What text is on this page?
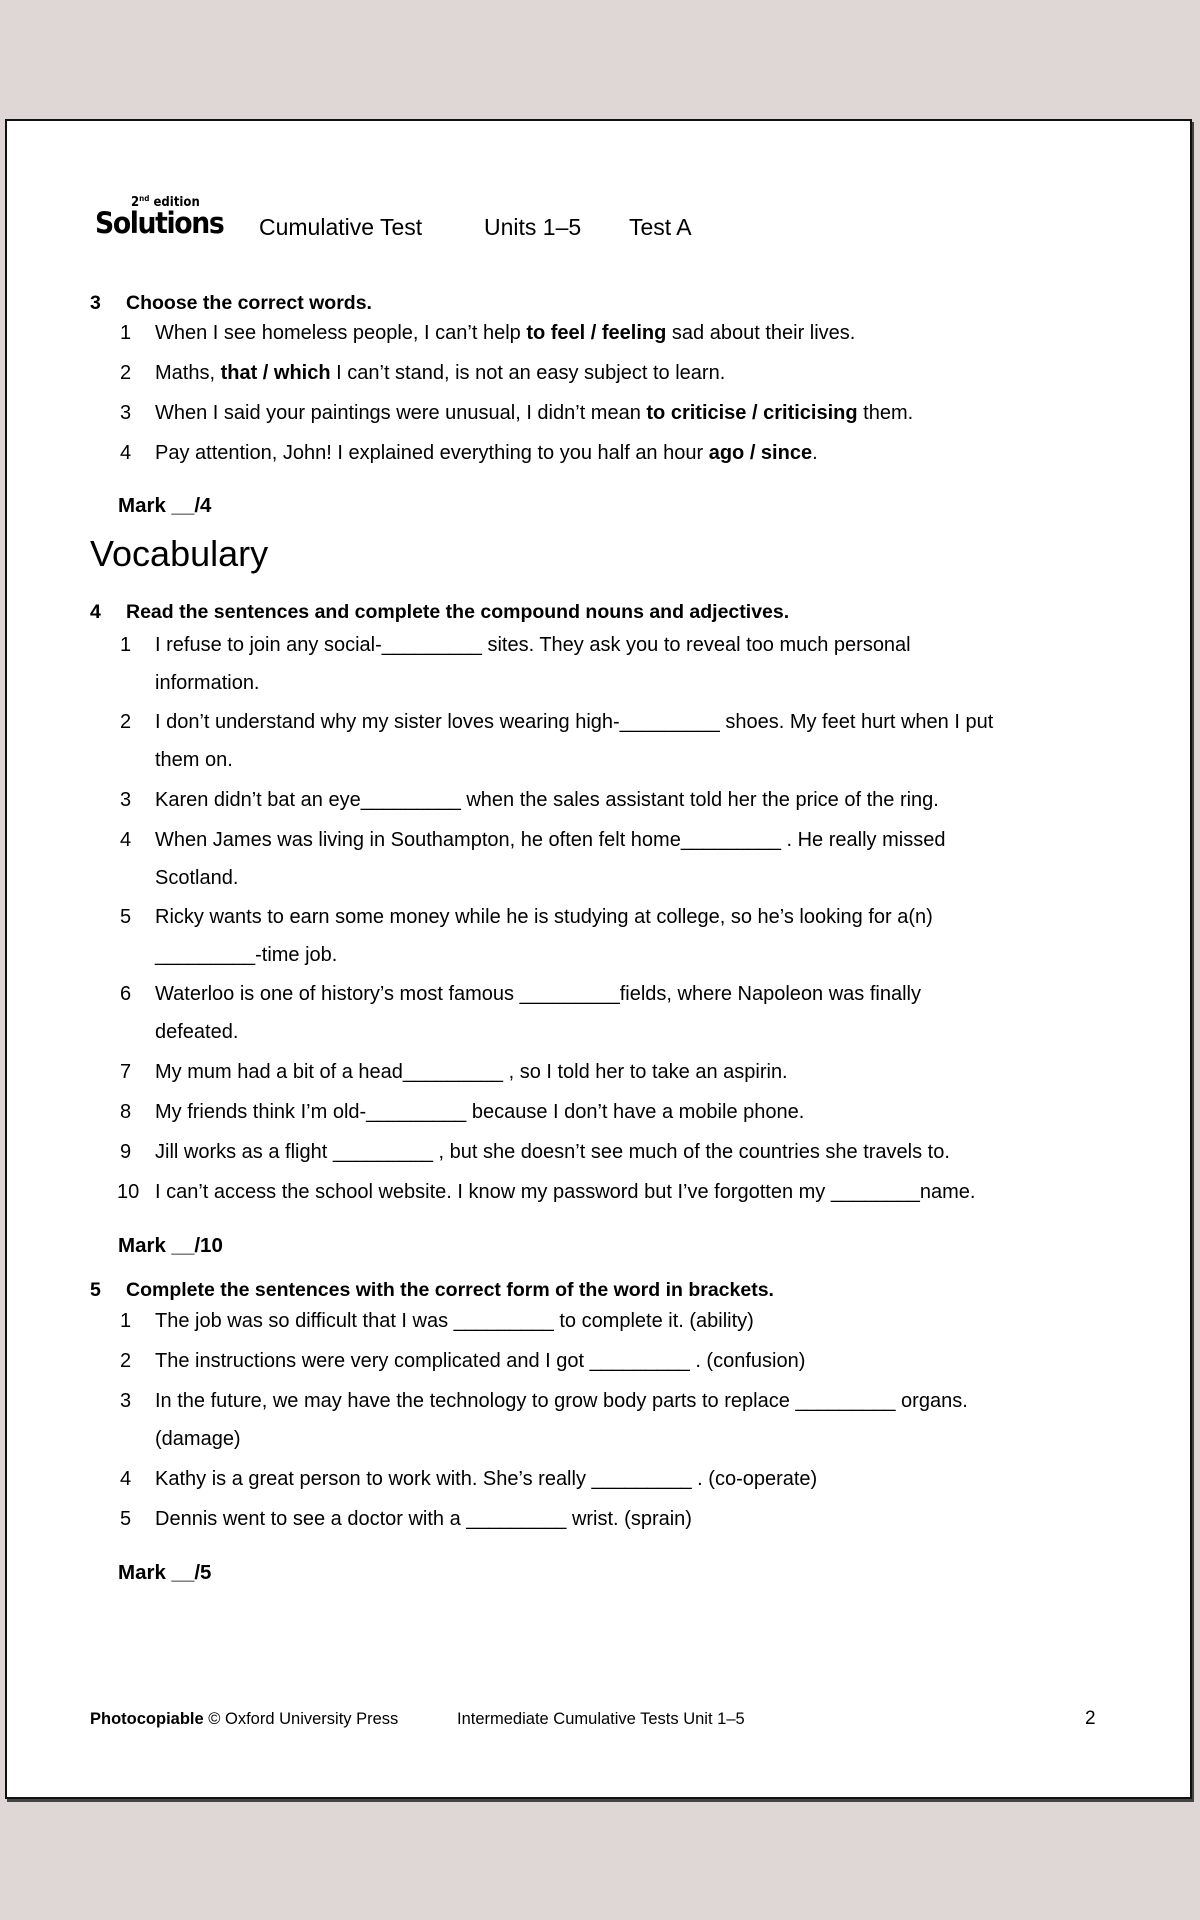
2nd edition
Solutions Cumulative Test	Units 1–5 Test A
3 Choose the correct words.
1 When I see homeless people, I can’t help to feel / feeling sad about their lives.
2 Maths, that / which I can’t stand, is not an easy subject to learn.
3 When I said your paintings were unusual, I didn’t mean to criticise / criticising them.
4 Pay attention, John! I explained everything to you half an hour ago / since.
Mark __/4
Vocabulary
4 Read the sentences and complete the compound nouns and adjectives.
1 I refuse to join any social-_________ sites. They ask you to reveal too much personal
information.
2 I don’t understand why my sister loves wearing high-_________ shoes. My feet hurt when I put
them on.
3 Karen didn’t bat an eye_________ when the sales assistant told her the price of the ring.
4 When James was living in Southampton, he often felt home_________ . He really missed
Scotland.
5 Ricky wants to earn some money while he is studying at college, so he’s looking for a(n)
_________-time job.
6 Waterloo is one of history’s most famous _________fields, where Napoleon was finally
defeated.
7 My mum had a bit of a head_________ , so I told her to take an aspirin.
8 My friends think I’m old-_________ because I don’t have a mobile phone.
9 Jill works as a flight _________ , but she doesn’t see much of the countries she travels to.
10 I can’t access the school website. I know my password but I’ve forgotten my ________name.
Mark __/10
5 Complete the sentences with the correct form of the word in brackets.
1 The job was so difficult that I was _________ to complete it. (ability)
2 The instructions were very complicated and I got _________ . (confusion)
3 In the future, we may have the technology to grow body parts to replace _________ organs.
(damage)
4 Kathy is a great person to work with. She’s really _________ . (co-operate)
5 Dennis went to see a doctor with a _________ wrist. (sprain)
Mark __/5
Photocopiable © Oxford University Press	Intermediate Cumulative Tests Unit 1–5	2
